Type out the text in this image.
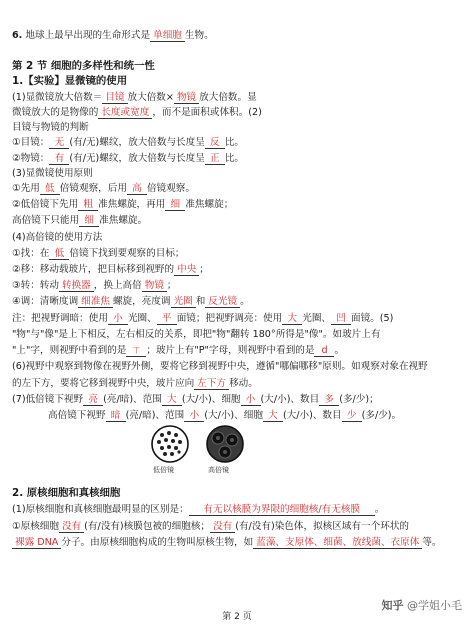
6. 地球上最早出现的生命形式是 单细胞 生物。
第 2 节 细胞的多样性和统一性
1.【实验】显微镜的使用
(1)显微镜放大倍数＝ 目镜 放大倍数× 物镜 放大倍数。显
微镜放大的是物像的 长度或宽度 ，而不是面积或体积。(2)
目镜与物镜的判断
①目镜： 无 (有/无)螺纹，放大倍数与长度呈 反 比。
②物镜： 有 (有/无)螺纹，放大倍数与长度呈 正 比。
(3)显微镜使用原则
①先用 低 倍镜观察，后用 高 倍镜观察。
②低倍镜下先用 粗 准焦螺旋，再用 细 准焦螺旋；
高倍镜下只能用 细 准焦螺旋。
(4)高倍镜的使用方法
①找：在 低 倍镜下找到要观察的目标；
②移：移动载玻片，把目标移到视野的 中央 ；
③转：转动 转换器 ，换上高倍 物镜 ；
④调：清晰度调 细准焦 螺旋，亮度调 光圈 和 反光镜 。
注：把视野调暗：使用 小 光圈、 平 面镜；把视野调亮：使用 大 光圈、 凹 面镜。(5)
"物"与"像"是上下相反，左右相反的关系，即把"物"翻转 180°所得是"像"。如玻片上有
"上"字，则视野中看到的是 ㄒ ；玻片上有"P"字母，则视野中看到的是 d 。
(6)视野中观察到物像在视野外侧，要将它移到视野中央，遵循"哪偏哪移"原则。如观察对象在视野
的左下方，要将它移到视野中央，玻片应向 左下方 移动。
(7)低倍镜下视野 亮 (亮/暗)、范围 大 (大/小)、细胞 小 (大/小)、数目 多 (多/少)；
高倍镜下视野 暗 (亮/暗)、范围 小 (大/小)、细胞 大 (大/小)、数目 少 (多/少)。
低倍镜	高倍镜
2. 原核细胞和真核细胞
(1)原核细胞和真核细胞最明显的区别是： 有无以核膜为界限的细胞核/有无核膜 。
①原核细胞 没有 (有/没有)核膜包被的细胞核； 没有 (有/没有)染色体，拟核区域有一个环状的
裸露 DNA 分子。由原核细胞构成的生物叫原核生物，如 蓝藻、支原体、细菌、放线菌、衣原体 等。
知乎 @学姐小毛
第 2 页
